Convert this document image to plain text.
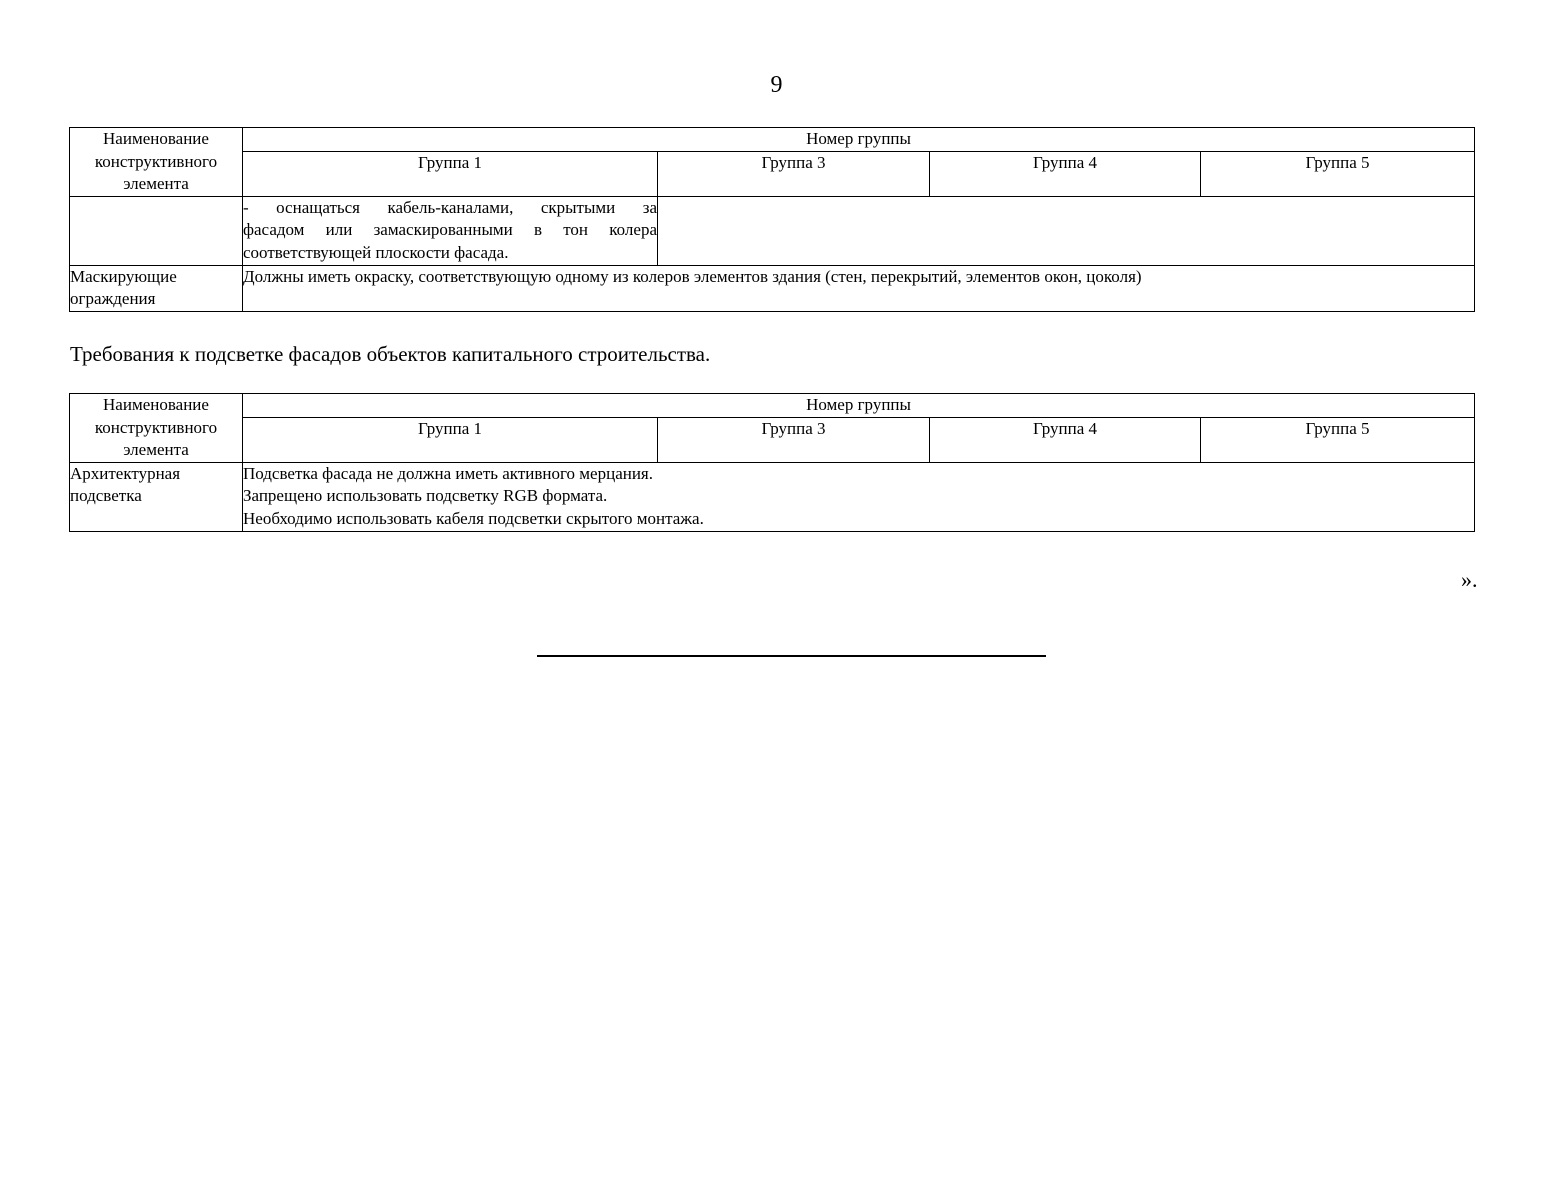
9
Наименование
конструктивного
элемента	Номер группы			
	Группа 1	Группа 3	Группа 4	Группа 5

	- оснащаться кабель-каналами, скрытыми за
фасадом или замаскированными в тон колера
соответствующей плоскости фасада.			

Маскирующие
ограждения	Должны иметь окраску, соответствующую одному из колеров элементов здания (стен, перекрытий, элементов окон, цоколя)			
Требования к подсветке фасадов объектов капитального строительства.
Наименование
конструктивного
элемента	Номер группы			
	Группа 1	Группа 3	Группа 4	Группа 5

Архитектурная
подсветка	Подсветка фасада не должна иметь активного мерцания.
Запрещено использовать подсветку RGB формата.
Необходимо использовать кабеля подсветки скрытого монтажа.			
».
